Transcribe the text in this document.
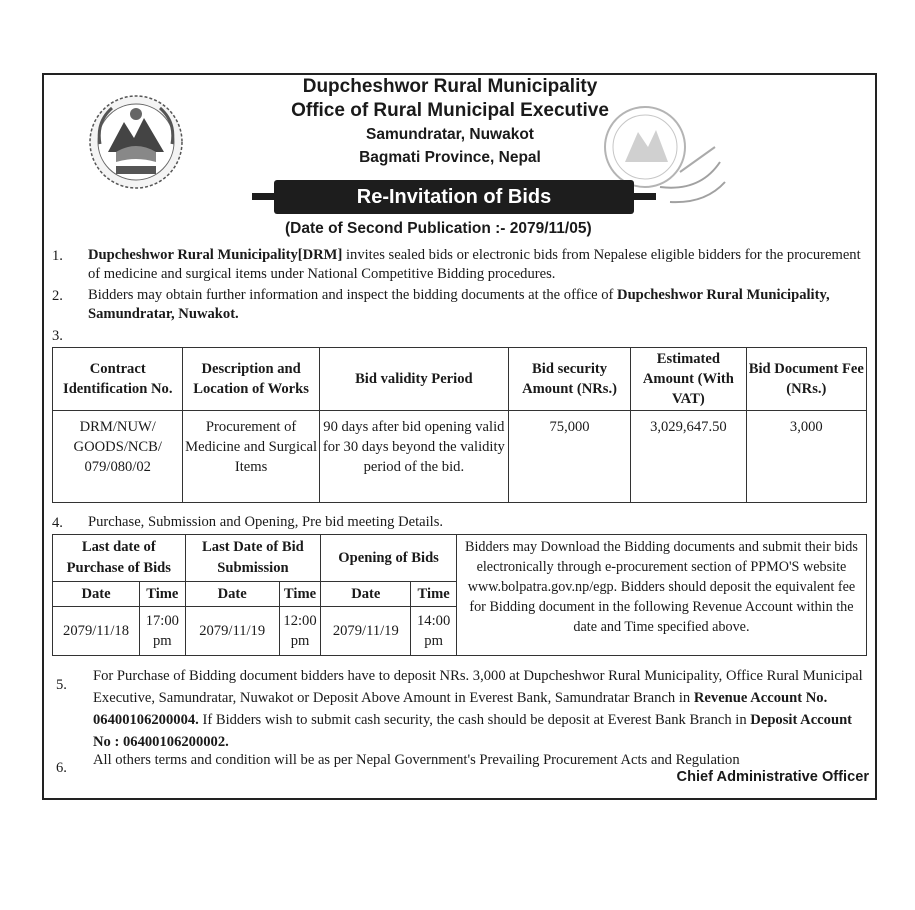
Dupcheshwor Rural Municipality
Office of Rural Municipal Executive
Samundratar, Nuwakot
Bagmati Province, Nepal
Re-Invitation of Bids
(Date of Second Publication :- 2079/11/05)
1. Dupcheshwor Rural Municipality[DRM] invites sealed bids or electronic bids from Nepalese eligible bidders for the procurement of medicine and surgical items under National Competitive Bidding procedures.
2. Bidders may obtain further information and inspect the bidding documents at the office of Dupcheshwor Rural Municipality, Samundratar, Nuwakot.
3.
Contract Identification No.	Description and Location of Works	Bid validity Period	Bid security Amount (NRs.)	Estimated Amount (With VAT)	Bid Document Fee (NRs.)
DRM/NUW/ GOODS/NCB/ 079/080/02	Procurement of Medicine and Surgical Items	90 days after bid opening valid for 30 days beyond the validity period of the bid.	75,000	3,029,647.50	3,000
4. Purchase, Submission and Opening, Pre bid meeting Details.
Last date of Purchase of Bids		Last Date of Bid Submission		Opening of Bids		Bidders may Download the Bidding documents and submit their bids electronically through e-procurement section of PPMO'S website www.bolpatra.gov.np/egp. Bidders should deposit the equivalent fee for Bidding document in the following Revenue Account within the date and Time specified above.
Date	Time	Date	Time	Date	Time	
2079/11/18	17:00 pm	2079/11/19	12:00 pm	2079/11/19	14:00 pm	
5.
For Purchase of Bidding document bidders have to deposit NRs. 3,000 at Dupcheshwor Rural Municipality, Office Rural Municipal Executive, Samundratar, Nuwakot or Deposit Above Amount in Everest Bank, Samundratar Branch in Revenue Account No. 06400106200004. If Bidders wish to submit cash security, the cash should be deposit at Everest Bank Branch in Deposit Account No : 06400106200002.
6. All others terms and condition will be as per Nepal Government's Prevailing Procurement Acts and Regulation
Chief Administrative Officer
